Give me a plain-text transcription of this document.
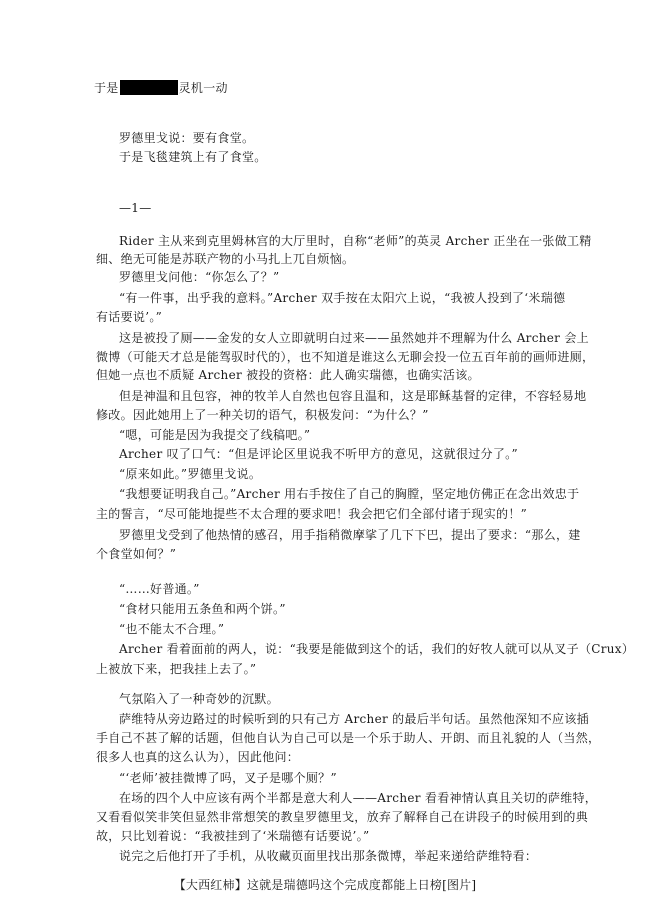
于是	灵机一动
罗德里戈说：要有食堂。
于是飞毯建筑上有了食堂。
—1—
Rider 主从来到克里姆林宫的大厅里时，自称“老师”的英灵 Archer 正坐在一张做工精
细、绝无可能是苏联产物的小马扎上兀自烦恼。
罗德里戈问他：“你怎么了？”
“有一件事，出乎我的意料。”Archer 双手按在太阳穴上说，“我被人投到了‘米瑞德
有话要说’。”
这是被投了厕——金发的女人立即就明白过来——虽然她并不理解为什么 Archer 会上
微博（可能天才总是能驾驭时代的），也不知道是谁这么无聊会投一位五百年前的画师进厕，
但她一点也不质疑 Archer 被投的资格：此人确实瑞德，也确实活该。
但是神温和且包容，神的牧羊人自然也包容且温和，这是耶稣基督的定律，不容轻易地
修改。因此她用上了一种关切的语气，积极发问：“为什么？”
“嗯，可能是因为我提交了线稿吧。”
Archer 叹了口气：“但是评论区里说我不听甲方的意见，这就很过分了。”
“原来如此。”罗德里戈说。
“我想要证明我自己。”Archer 用右手按住了自己的胸膛，坚定地仿佛正在念出效忠于
主的誓言，“尽可能地提些不太合理的要求吧！我会把它们全部付诸于现实的！”
罗德里戈受到了他热情的感召，用手指稍微摩挲了几下下巴，提出了要求：“那么，建
个食堂如何？”
“……好普通。”
“食材只能用五条鱼和两个饼。”
“也不能太不合理。”
Archer 看着面前的两人，说：“我要是能做到这个的话，我们的好牧人就可以从叉子（Crux）
上被放下来，把我挂上去了。”
气氛陷入了一种奇妙的沉默。
萨维特从旁边路过的时候听到的只有己方 Archer 的最后半句话。虽然他深知不应该插
手自己不甚了解的话题，但他自认为自己可以是一个乐于助人、开朗、而且礼貌的人（当然，
很多人也真的这么认为），因此他问：
“‘老师’被挂微博了吗，叉子是哪个厕？”
在场的四个人中应该有两个半都是意大利人——Archer 看看神情认真且关切的萨维特，
又看看似笑非笑但显然非常想笑的教皇罗德里戈，放弃了解释自己在讲段子的时候用到的典
故，只比划着说：“我被挂到了‘米瑞德有话要说’。”
说完之后他打开了手机，从收藏页面里找出那条微博，举起来递给萨维特看：
【大西红柿】这就是瑞德吗这个完成度都能上日榜[图片]
